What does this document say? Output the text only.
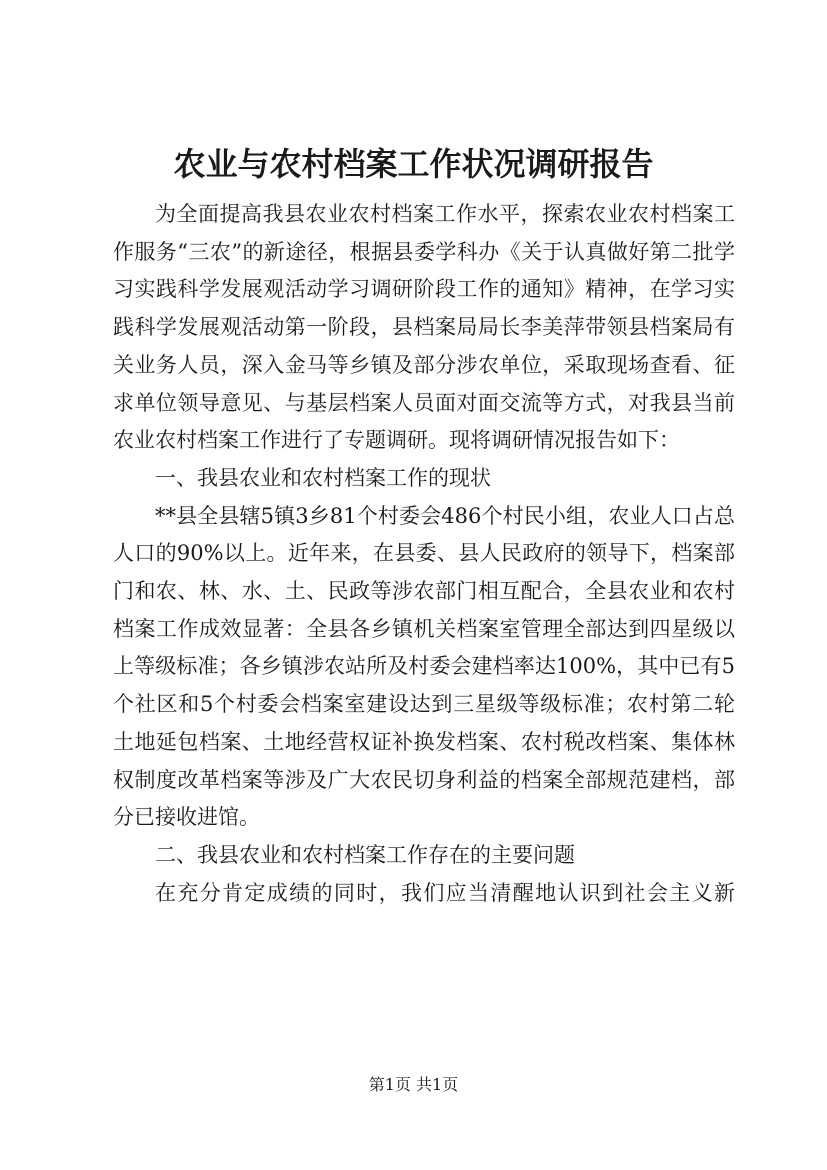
农业与农村档案工作状况调研报告

为全面提高我县农业农村档案工作水平，探索农业农村档案工作服务“三农”的新途径，根据县委学科办《关于认真做好第二批学习实践科学发展观活动学习调研阶段工作的通知》精神，在学习实践科学发展观活动第一阶段，县档案局局长李美萍带领县档案局有关业务人员，深入金马等乡镇及部分涉农单位，采取现场查看、征求单位领导意见、与基层档案人员面对面交流等方式，对我县当前农业农村档案工作进行了专题调研。现将调研情况报告如下：

一、我县农业和农村档案工作的现状

**县全县辖5镇3乡81个村委会486个村民小组，农业人口占总人口的90%以上。近年来，在县委、县人民政府的领导下，档案部门和农、林、水、土、民政等涉农部门相互配合，全县农业和农村档案工作成效显著：全县各乡镇机关档案室管理全部达到四星级以上等级标准；各乡镇涉农站所及村委会建档率达100%，其中已有5个社区和5个村委会档案室建设达到三星级等级标准；农村第二轮土地延包档案、土地经营权证补换发档案、农村税改档案、集体林权制度改革档案等涉及广大农民切身利益的档案全部规范建档，部分已接收进馆。

二、我县农业和农村档案工作存在的主要问题

在充分肯定成绩的同时，我们应当清醒地认识到社会主义新

第1页 共1页
